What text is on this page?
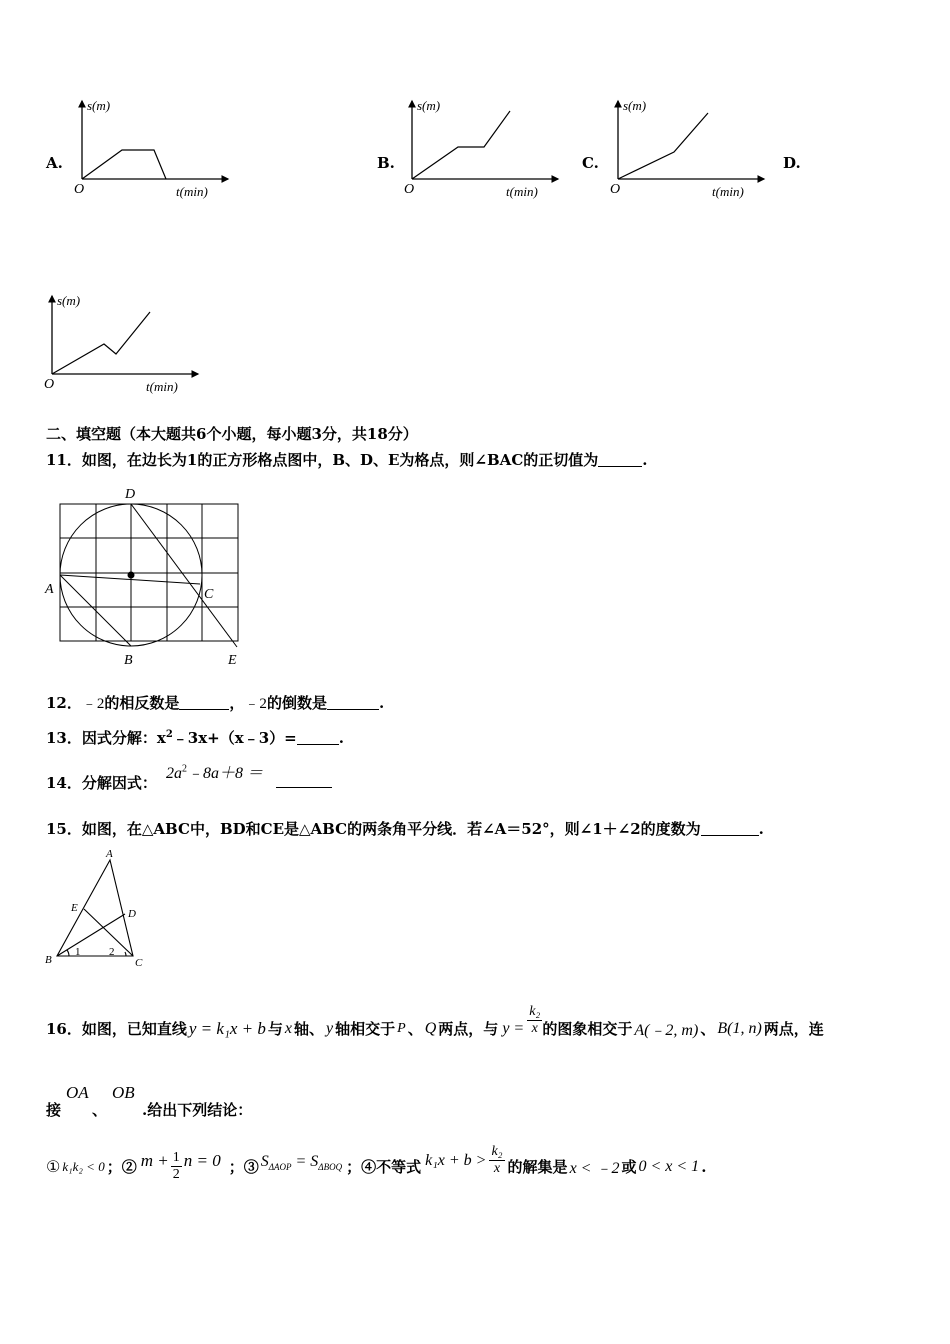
A.	B.	C.	D.
s(m)
O	t(min)
s(m)
O	t(min)
s(m)
O	t(min)
s(m)
O	t(min)
二、填空题（本大题共6个小题，每小题3分，共18分）
11．如图，在边长为1的正方形格点图中，B、D、E为格点，则∠BAC的正切值为	.
D
A	C
B	E
12．﹣2的相反数是	，﹣2的倒数是	.
13．因式分解：$x^2﹣3x+(x﹣3)=$	.
14．分解因式：
$2a^2﹣8a+8$ ＝
15．如图，在△ABC中，BD和CE是△ABC的两条角平分线．若∠A＝52°，则∠1＋∠2的度数为	.
A
E	D
B	C
1	2
16． 如图，已知直线 y = k₁x + b 与 x 轴、 y 轴相交于 P 、 Q 两点，与 $y = \frac{\text{k₂}}{x}$ 的图象相交于 A(﹣2, m) 、 B(1, n) 两点，连
接
OA
、
OB
.给出下列结论：
① k₁k₂ < 0 ；② $m + \frac{1}{2}$ n = 0 ；③ $S_{\Delta AOP} = S_{\Delta BOQ}$ ；④不等式 $k_1x + b > \frac{\text{k₂}}{x}$ 的解集是 x < ﹣2 或 0 < x < 1 .
